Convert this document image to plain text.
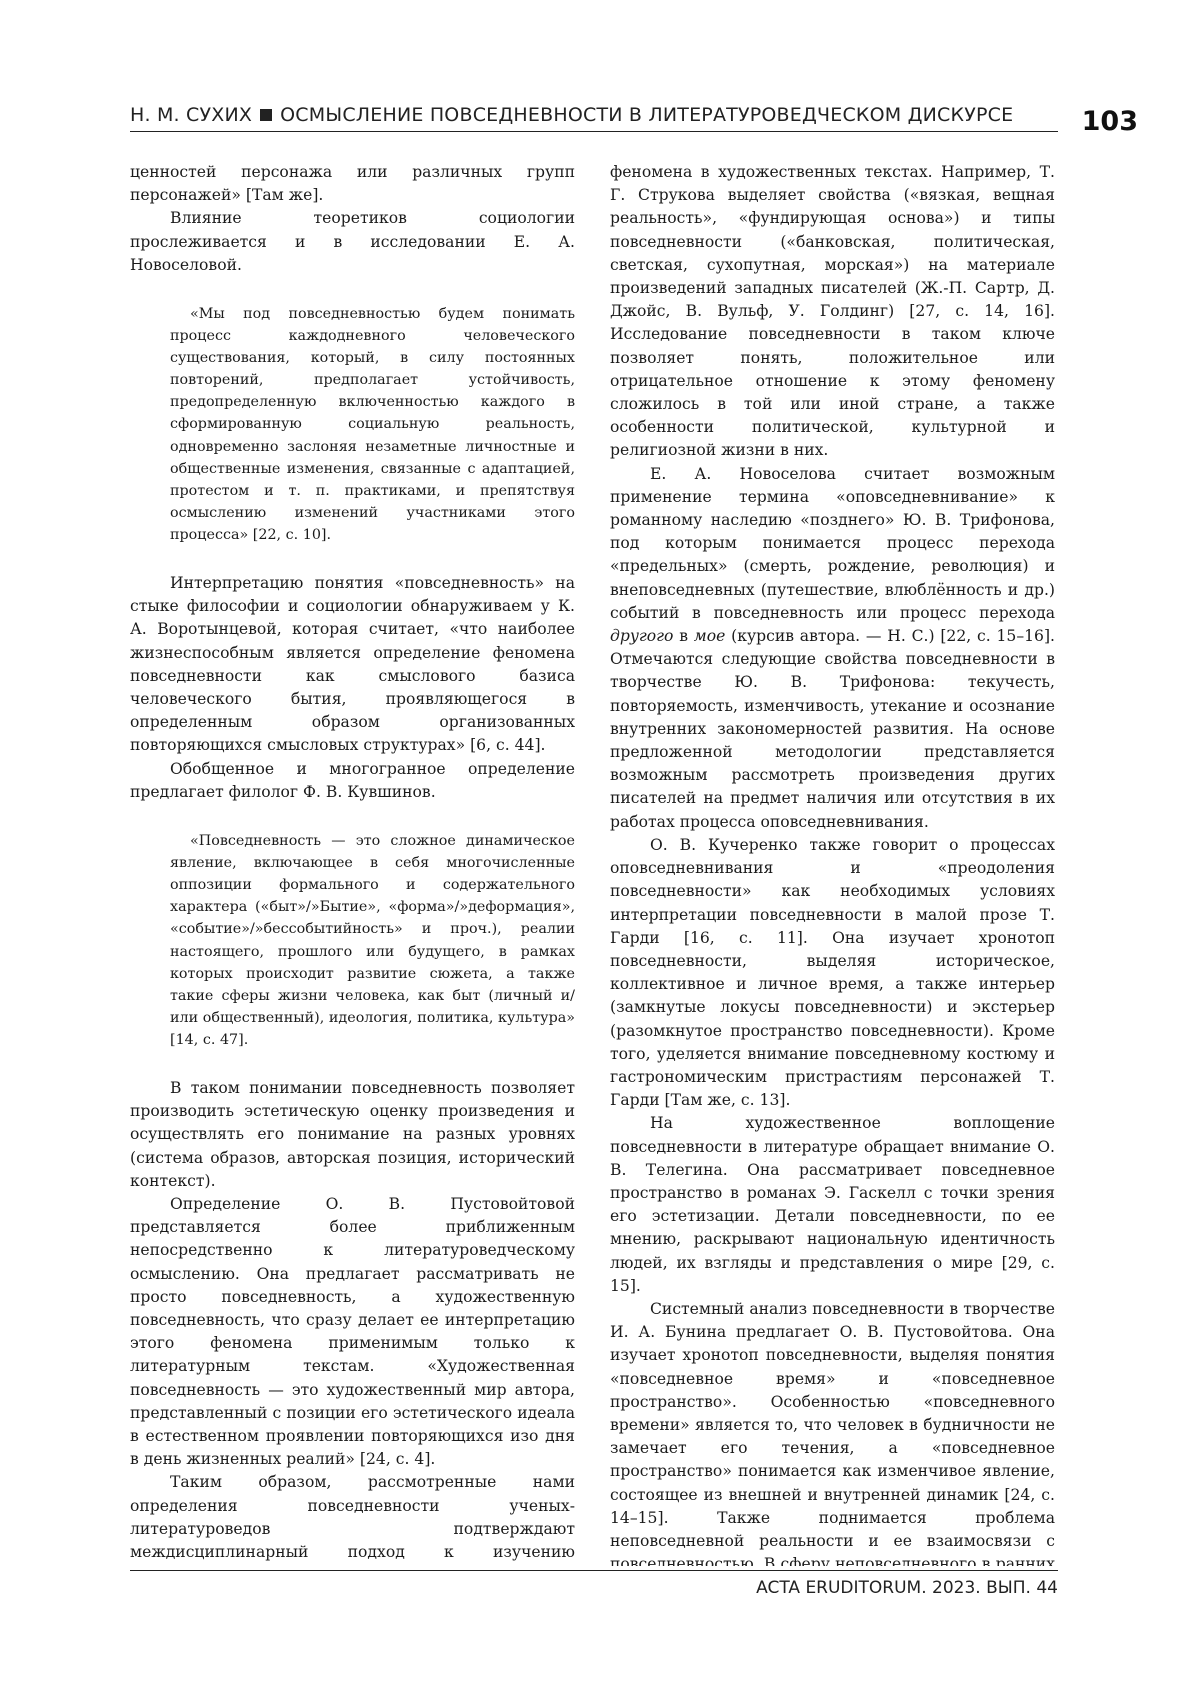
Н. М. СУХИХ ОСМЫСЛЕНИЕ ПОВСЕДНЕВНОСТИ В ЛИТЕРАТУРОВЕДЧЕСКОМ ДИСКУРСЕ	103

ценностей персонажа или различных групп персонажей» [Там же].

Влияние теоретиков социологии прослеживается и в исследовании Е. А. Новоселовой.

«Мы под повседневностью будем понимать процесс каждодневного человеческого существования, который, в силу постоянных повторений, предполагает устойчивость, предопределенную включенностью каждого в сформированную социальную реальность, одновременно заслоняя незаметные личностные и общественные изменения, связанные с адаптацией, протестом и т. п. практиками, и препятствуя осмыслению изменений участниками этого процесса» [22, с. 10].

Интерпретацию понятия «повседневность» на стыке философии и социологии обнаруживаем у К. А. Воротынцевой, которая считает, «что наиболее жизнеспособным является определение феномена повседневности как смыслового базиса человеческого бытия, проявляющегося в определенным образом организованных повторяющихся смысловых структурах» [6, с. 44].

Обобщенное и многогранное определение предлагает филолог Ф. В. Кувшинов.

«Повседневность — это сложное динамическое явление, включающее в себя многочисленные оппозиции формального и содержательного характера («быт»/»Бытие», «форма»/»деформация», «событие»/»бессобытийность» и проч.), реалии настоящего, прошлого или будущего, в рамках которых происходит развитие сюжета, а также такие сферы жизни человека, как быт (личный и/или общественный), идеология, политика, культура» [14, с. 47].

В таком понимании повседневность позволяет производить эстетическую оценку произведения и осуществлять его понимание на разных уровнях (система образов, авторская позиция, исторический контекст).

Определение О. В. Пустовойтовой представляется более приближенным непосредственно к литературоведческому осмыслению. Она предлагает рассматривать не просто повседневность, а художественную повседневность, что сразу делает ее интерпретацию этого феномена применимым только к литературным текстам. «Художественная повседневность — это художественный мир автора, представленный с позиции его эстетического идеала в естественном проявлении повторяющихся изо дня в день жизненных реалий» [24, с. 4].

Таким образом, рассмотренные нами определения повседневности ученых-литературоведов подтверждают междисциплинарный подход к изучению

феномена в художественных текстах. Например, Т. Г. Струкова выделяет свойства («вязкая, вещная реальность», «фундирующая основа») и типы повседневности («банковская, политическая, светская, сухопутная, морская») на материале произведений западных писателей (Ж.-П. Сартр, Д. Джойс, В. Вульф, У. Голдинг) [27, с. 14, 16]. Исследование повседневности в таком ключе позволяет понять, положительное или отрицательное отношение к этому феномену сложилось в той или иной стране, а также особенности политической, культурной и религиозной жизни в них.

Е. А. Новоселова считает возможным применение термина «оповседневнивание» к романному наследию «позднего» Ю. В. Трифонова, под которым понимается процесс перехода «предельных» (смерть, рождение, революция) и внеповседневных (путешествие, влюблённость и др.) событий в повседневность или процесс перехода другого в мое (курсив автора. — Н. С.) [22, с. 15–16]. Отмечаются следующие свойства повседневности в творчестве Ю. В. Трифонова: текучесть, повторяемость, изменчивость, утекание и осознание внутренних закономерностей развития. На основе предложенной методологии представляется возможным рассмотреть произведения других писателей на предмет наличия или отсутствия в их работах процесса оповседневнивания.

О. В. Кучеренко также говорит о процессах оповседневнивания и «преодоления повседневности» как необходимых условиях интерпретации повседневности в малой прозе Т. Гарди [16, с. 11]. Она изучает хронотоп повседневности, выделяя историческое, коллективное и личное время, а также интерьер (замкнутые локусы повседневности) и экстерьер (разомкнутое пространство повседневности). Кроме того, уделяется внимание повседневному костюму и гастрономическим пристрастиям персонажей Т. Гарди [Там же, с. 13].

На художественное воплощение повседневности в литературе обращает внимание О. В. Телегина. Она рассматривает повседневное пространство в романах Э. Гаскелл с точки зрения его эстетизации. Детали повседневности, по ее мнению, раскрывают национальную идентичность людей, их взгляды и представления о мире [29, с. 15].

Системный анализ повседневности в творчестве И. А. Бунина предлагает О. В. Пустовойтова. Она изучает хронотоп повседневности, выделяя понятия «повседневное время» и «повседневное пространство». Особенностью «повседневного времени» является то, что человек в будничности не замечает его течения, а «повседневное пространство» понимается как изменчивое явление, состоящее из внешней и внутренней динамик [24, с. 14–15]. Также поднимается проблема неповседневной реальности и ее взаимосвязи с повседневностью. В сферу неповседневного в ранних

ACTA ERUDITORUM. 2023. ВЫП. 44
